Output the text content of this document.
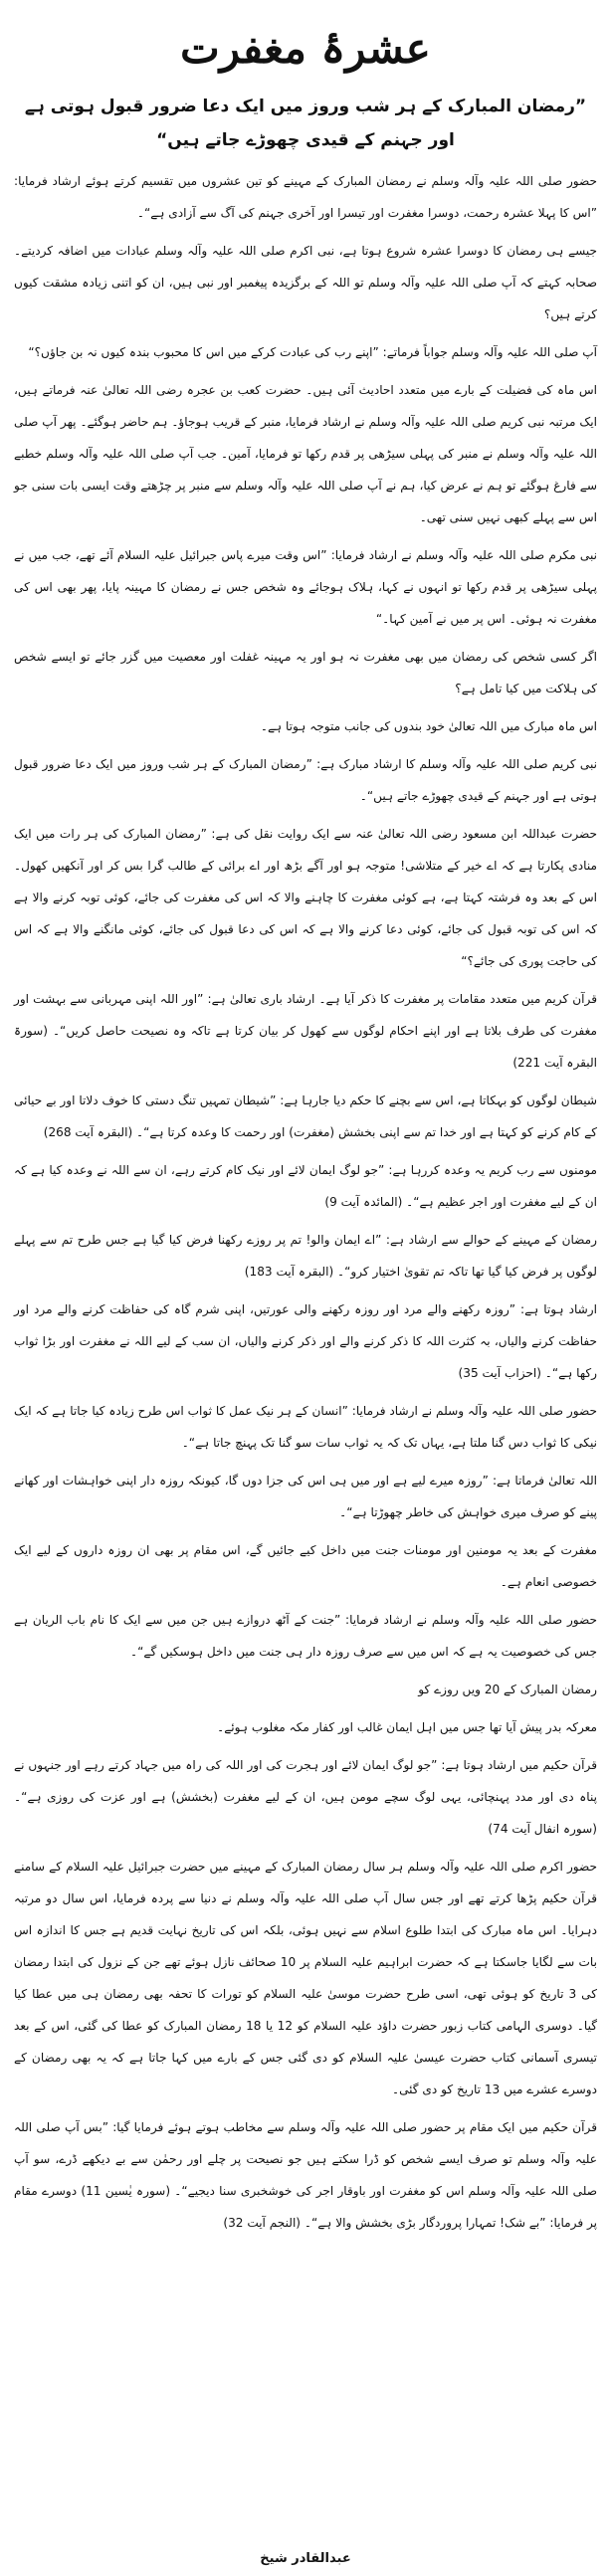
عشرۂ مغفرت
”رمضان المبارک کے ہر شب وروز میں ایک دعا ضرور قبول ہوتی ہے اور جہنم کے قیدی چھوڑے جاتے ہیں“

حضور صلی اللہ علیہ وآلہ وسلم نے رمضان المبارک کے مہینے کو تین عشروں میں تقسیم کرتے ہوئے ارشاد فرمایا: ”اس کا پہلا عشرہ رحمت، دوسرا مغفرت اور تیسرا اور آخری جہنم کی آگ سے آزادی ہے“۔

جیسے ہی رمضان کا دوسرا عشرہ شروع ہوتا ہے، نبی اکرم صلی اللہ علیہ وآلہ وسلم عبادات میں اضافہ کردیتے۔ صحابہ کہتے کہ آپ صلی اللہ علیہ وآلہ وسلم تو اللہ کے برگزیدہ پیغمبر اور نبی ہیں، ان کو اتنی زیادہ مشقت کیوں کرتے ہیں؟

آپ صلی اللہ علیہ وآلہ وسلم جواباً فرماتے: ”اپنے رب کی عبادت کرکے میں اس کا محبوب بندہ کیوں نہ بن جاؤں؟“

اس ماہ کی فضیلت کے بارے میں متعدد احادیث آئی ہیں۔ حضرت کعب بن عجرہ رضی اللہ تعالیٰ عنہ فرماتے ہیں، ایک مرتبہ نبی کریم صلی اللہ علیہ وآلہ وسلم نے ارشاد فرمایا، منبر کے قریب ہوجاؤ۔ ہم حاضر ہوگئے۔ پھر آپ صلی اللہ علیہ وآلہ وسلم نے منبر کی پہلی سیڑھی پر قدم رکھا تو فرمایا، آمین۔ جب آپ صلی اللہ علیہ وآلہ وسلم خطبے سے فارغ ہوگئے تو ہم نے عرض کیا، ہم نے آپ صلی اللہ علیہ وآلہ وسلم سے منبر پر چڑھتے وقت ایسی بات سنی جو اس سے پہلے کبھی نہیں سنی تھی۔

نبی مکرم صلی اللہ علیہ وآلہ وسلم نے ارشاد فرمایا: ”اس وقت میرے پاس جبرائیل علیہ السلام آئے تھے، جب میں نے پہلی سیڑھی پر قدم رکھا تو انہوں نے کہا، ہلاک ہوجائے وہ شخص جس نے رمضان کا مہینہ پایا، پھر بھی اس کی مغفرت نہ ہوئی۔ اس پر میں نے آمین کہا۔“

اگر کسی شخص کی رمضان میں بھی مغفرت نہ ہو اور یہ مہینہ غفلت اور معصیت میں گزر جائے تو ایسے شخص کی ہلاکت میں کیا تامل ہے؟

اس ماہ مبارک میں اللہ تعالیٰ خود بندوں کی جانب متوجہ ہوتا ہے۔

نبی کریم صلی اللہ علیہ وآلہ وسلم کا ارشاد مبارک ہے: ”رمضان المبارک کے ہر شب وروز میں ایک دعا ضرور قبول ہوتی ہے اور جہنم کے قیدی چھوڑے جاتے ہیں“۔

حضرت عبداللہ ابن مسعود رضی اللہ تعالیٰ عنہ سے ایک روایت نقل کی ہے: ”رمضان المبارک کی ہر رات میں ایک منادی پکارتا ہے کہ اے خیر کے متلاشی! متوجہ ہو اور آگے بڑھ اور اے برائی کے طالب گرا بس کر اور آنکھیں کھول۔ اس کے بعد وہ فرشتہ کہتا ہے، ہے کوئی مغفرت کا چاہنے والا کہ اس کی مغفرت کی جائے، کوئی توبہ کرنے والا ہے کہ اس کی توبہ قبول کی جائے، کوئی دعا کرنے والا ہے کہ اس کی دعا قبول کی جائے، کوئی مانگنے والا ہے کہ اس کی حاجت پوری کی جائے؟“

قرآن کریم میں متعدد مقامات پر مغفرت کا ذکر آیا ہے۔ ارشاد باری تعالیٰ ہے: ”اور اللہ اپنی مہربانی سے بہشت اور مغفرت کی طرف بلاتا ہے اور اپنے احکام لوگوں سے کھول کر بیان کرتا ہے تاکہ وہ نصیحت حاصل کریں“۔ (سورۃ البقرہ آیت 221)

شیطان لوگوں کو بہکاتا ہے، اس سے بچنے کا حکم دیا جارہا ہے: ”شیطان تمہیں تنگ دستی کا خوف دلاتا اور بے حیائی کے کام کرنے کو کہتا ہے اور خدا تم سے اپنی بخشش (مغفرت) اور رحمت کا وعدہ کرتا ہے“۔ (البقرہ آیت 268)

مومنوں سے رب کریم یہ وعدہ کررہا ہے: ”جو لوگ ایمان لائے اور نیک کام کرتے رہے، ان سے اللہ نے وعدہ کیا ہے کہ ان کے لیے مغفرت اور اجر عظیم ہے“۔ (المائدہ آیت 9)

رمضان کے مہینے کے حوالے سے ارشاد ہے: ”اے ایمان والو! تم پر روزے رکھنا فرض کیا گیا ہے جس طرح تم سے پہلے لوگوں پر فرض کیا گیا تھا تاکہ تم تقویٰ اختیار کرو“۔ (البقرہ آیت 183)

ارشاد ہوتا ہے: ”روزہ رکھنے والے مرد اور روزہ رکھنے والی عورتیں، اپنی شرم گاہ کی حفاظت کرنے والے مرد اور حفاظت کرنے والیاں، بہ کثرت اللہ کا ذکر کرنے والے اور ذکر کرنے والیاں، ان سب کے لیے اللہ نے مغفرت اور بڑا ثواب رکھا ہے“۔ (احزاب آیت 35)

حضور صلی اللہ علیہ وآلہ وسلم نے ارشاد فرمایا: ”انسان کے ہر نیک عمل کا ثواب اس طرح زیادہ کیا جاتا ہے کہ ایک نیکی کا ثواب دس گنا ملتا ہے، یہاں تک کہ یہ ثواب سات سو گنا تک پہنچ جاتا ہے“۔

اللہ تعالیٰ فرماتا ہے: ”روزہ میرے لیے ہے اور میں ہی اس کی جزا دوں گا، کیونکہ روزہ دار اپنی خواہشات اور کھانے پینے کو صرف میری خواہش کی خاطر چھوڑتا ہے“۔

مغفرت کے بعد یہ مومنین اور مومنات جنت میں داخل کیے جائیں گے، اس مقام پر بھی ان روزہ داروں کے لیے ایک خصوصی انعام ہے۔

حضور صلی اللہ علیہ وآلہ وسلم نے ارشاد فرمایا: ”جنت کے آٹھ دروازے ہیں جن میں سے ایک کا نام باب الریان ہے جس کی خصوصیت یہ ہے کہ اس میں سے صرف روزہ دار ہی جنت میں داخل ہوسکیں گے“۔

رمضان المبارک کے 20 ویں روزے کو

معرکہ بدر پیش آیا تھا جس میں اہل ایمان غالب اور کفار مکہ مغلوب ہوئے۔

قرآن حکیم میں ارشاد ہوتا ہے: ”جو لوگ ایمان لائے اور ہجرت کی اور اللہ کی راہ میں جہاد کرتے رہے اور جنہوں نے پناہ دی اور مدد پہنچائی، یہی لوگ سچے مومن ہیں، ان کے لیے مغفرت (بخشش) ہے اور عزت کی روزی ہے“۔ (سورہ انفال آیت 74)

حضور اکرم صلی اللہ علیہ وآلہ وسلم ہر سال رمضان المبارک کے مہینے میں حضرت جبرائیل علیہ السلام کے سامنے قرآن حکیم پڑھا کرتے تھے اور جس سال آپ صلی اللہ علیہ وآلہ وسلم نے دنیا سے پردہ فرمایا، اس سال دو مرتبہ دہرایا۔ اس ماہ مبارک کی ابتدا طلوع اسلام سے نہیں ہوئی، بلکہ اس کی تاریخ نہایت قدیم ہے جس کا اندازہ اس بات سے لگایا جاسکتا ہے کہ حضرت ابراہیم علیہ السلام پر 10 صحائف نازل ہوئے تھے جن کے نزول کی ابتدا رمضان کی 3 تاریخ کو ہوئی تھی، اسی طرح حضرت موسیٰ علیہ السلام کو تورات کا تحفہ بھی رمضان ہی میں عطا کیا گیا۔ دوسری الہامی کتاب زبور حضرت داؤد علیہ السلام کو 12 یا 18 رمضان المبارک کو عطا کی گئی، اس کے بعد تیسری آسمانی کتاب حضرت عیسیٰ علیہ السلام کو دی گئی جس کے بارے میں کہا جاتا ہے کہ یہ بھی رمضان کے دوسرے عشرے میں 13 تاریخ کو دی گئی۔

قرآن حکیم میں ایک مقام پر حضور صلی اللہ علیہ وآلہ وسلم سے مخاطب ہوتے ہوئے فرمایا گیا: ”بس آپ صلی اللہ علیہ وآلہ وسلم تو صرف ایسے شخص کو ڈرا سکتے ہیں جو نصیحت پر چلے اور رحمٰن سے بے دیکھے ڈرے، سو آپ صلی اللہ علیہ وآلہ وسلم اس کو مغفرت اور باوقار اجر کی خوشخبری سنا دیجیے“۔ (سورہ یٰسین 11) دوسرے مقام پر فرمایا: ”بے شک! تمہارا پروردگار بڑی بخشش والا ہے“۔ (النجم آیت 32)

عبدالقادر شیخ
